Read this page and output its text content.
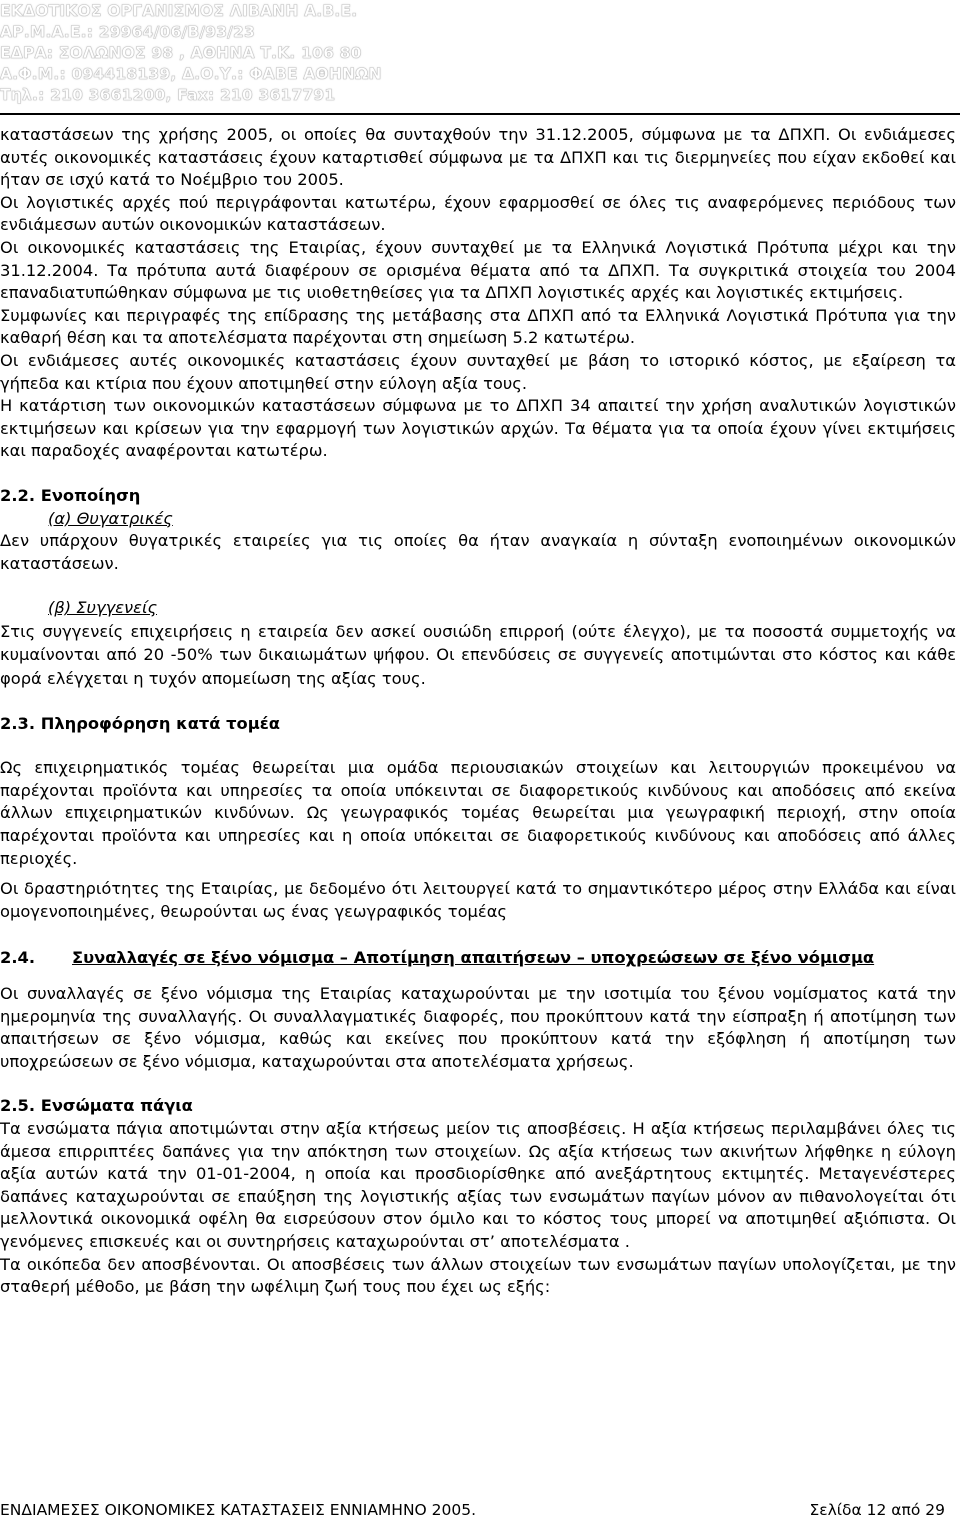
ΕΚΔΟΤΙΚΟΣ ΟΡΓΑΝΙΣΜΟΣ ΛΙΒΑΝΗ Α.Β.Ε.
ΑΡ.Μ.Α.Ε.: 29964/06/Β/93/23
ΕΔΡΑ: ΣΟΛΩΝΟΣ 98 , ΑΘΗΝΑ Τ.Κ. 106 80
Α.Φ.Μ.: 094418139, Δ.Ο.Υ.: ΦΑΒΕ ΑΘΗΝΩΝ
Τηλ.: 210 3661200, Fax: 210 3617791

καταστάσεων της χρήσης 2005, οι οποίες θα συνταχθούν την 31.12.2005, σύμφωνα με τα ΔΠΧΠ. Οι ενδιάμεσες αυτές οικονομικές καταστάσεις έχουν καταρτισθεί σύμφωνα με τα ΔΠΧΠ και τις διερμηνείες που είχαν εκδοθεί και ήταν σε ισχύ κατά το Νοέμβριο του 2005.

Οι λογιστικές αρχές πού περιγράφονται κατωτέρω, έχουν εφαρμοσθεί σε όλες τις αναφερόμενες περιόδους των ενδιάμεσων αυτών οικονομικών καταστάσεων.

Οι οικονομικές καταστάσεις της Εταιρίας, έχουν συνταχθεί με τα Ελληνικά Λογιστικά Πρότυπα μέχρι και την 31.12.2004. Τα πρότυπα αυτά διαφέρουν σε ορισμένα θέματα από τα ΔΠΧΠ. Τα συγκριτικά στοιχεία του 2004 επαναδιατυπώθηκαν σύμφωνα με τις υιοθετηθείσες για τα ΔΠΧΠ λογιστικές αρχές και λογιστικές εκτιμήσεις.

Συμφωνίες και περιγραφές της επίδρασης της μετάβασης στα ΔΠΧΠ από τα Ελληνικά Λογιστικά Πρότυπα για την καθαρή θέση και τα αποτελέσματα παρέχονται στη σημείωση 5.2 κατωτέρω.

Οι ενδιάμεσες αυτές οικονομικές καταστάσεις έχουν συνταχθεί με βάση το ιστορικό κόστος, με εξαίρεση τα γήπεδα και κτίρια που έχουν αποτιμηθεί στην εύλογη αξία τους.

Η κατάρτιση των οικονομικών καταστάσεων σύμφωνα με το ΔΠΧΠ 34 απαιτεί την χρήση αναλυτικών λογιστικών εκτιμήσεων και κρίσεων για την εφαρμογή των λογιστικών αρχών. Τα θέματα για τα οποία έχουν γίνει εκτιμήσεις και παραδοχές αναφέρονται κατωτέρω.

2.2. Ενοποίηση

(α) Θυγατρικές

Δεν υπάρχουν θυγατρικές εταιρείες για τις οποίες θα ήταν αναγκαία η σύνταξη ενοποιημένων οικονομικών καταστάσεων.

(β) Συγγενείς

Στις συγγενείς επιχειρήσεις η εταιρεία δεν ασκεί ουσιώδη επιρροή (ούτε έλεγχο), με τα ποσοστά συμμετοχής να κυμαίνονται από 20 -50% των δικαιωμάτων ψήφου. Οι επενδύσεις σε συγγενείς αποτιμώνται στο κόστος και κάθε φορά ελέγχεται η τυχόν απομείωση της αξίας τους.

2.3. Πληροφόρηση κατά τομέα

Ως επιχειρηματικός τομέας θεωρείται μια ομάδα περιουσιακών στοιχείων και λειτουργιών προκειμένου να παρέχονται προϊόντα και υπηρεσίες τα οποία υπόκεινται σε διαφορετικούς κινδύνους και αποδόσεις από εκείνα άλλων επιχειρηματικών κινδύνων. Ως γεωγραφικός τομέας θεωρείται μια γεωγραφική περιοχή, στην οποία παρέχονται προϊόντα και υπηρεσίες και η οποία υπόκειται σε διαφορετικούς κινδύνους και αποδόσεις από άλλες περιοχές.

Οι δραστηριότητες της Εταιρίας, με δεδομένο ότι λειτουργεί κατά το σημαντικότερο μέρος στην Ελλάδα και είναι ομογενοποιημένες, θεωρούνται ως ένας γεωγραφικός τομέας

2.4.	Συναλλαγές σε ξένο νόμισμα – Αποτίμηση απαιτήσεων – υποχρεώσεων σε ξένο νόμισμα

Οι συναλλαγές σε ξένο νόμισμα της Εταιρίας καταχωρούνται με την ισοτιμία του ξένου νομίσματος κατά την ημερομηνία της συναλλαγής. Οι συναλλαγματικές διαφορές, που προκύπτουν κατά την είσπραξη ή αποτίμηση των απαιτήσεων σε ξένο νόμισμα, καθώς και εκείνες που προκύπτουν κατά την εξόφληση ή αποτίμηση των υποχρεώσεων σε ξένο νόμισμα, καταχωρούνται στα αποτελέσματα χρήσεως.

2.5. Ενσώματα πάγια

Τα ενσώματα πάγια αποτιμώνται στην αξία κτήσεως μείον τις αποσβέσεις. Η αξία κτήσεως περιλαμβάνει όλες τις άμεσα επιρριπτέες δαπάνες για την απόκτηση των στοιχείων. Ως αξία κτήσεως των ακινήτων λήφθηκε η εύλογη αξία αυτών κατά την 01-01-2004, η οποία και προσδιορίσθηκε από ανεξάρτητους εκτιμητές. Μεταγενέστερες δαπάνες καταχωρούνται σε επαύξηση της λογιστικής αξίας των ενσωμάτων παγίων μόνον αν πιθανολογείται ότι μελλοντικά οικονομικά οφέλη θα εισρεύσουν στον όμιλο και το κόστος τους μπορεί να αποτιμηθεί αξιόπιστα. Οι γενόμενες επισκευές και οι συντηρήσεις καταχωρούνται στ’ αποτελέσματα .

Τα οικόπεδα δεν αποσβένονται. Οι αποσβέσεις των άλλων στοιχείων των ενσωμάτων παγίων υπολογίζεται, με την σταθερή μέθοδο, με βάση την ωφέλιμη ζωή τους που έχει ως εξής:

ΕΝΔΙΑΜΕΣΕΣ ΟΙΚΟΝΟΜΙΚΕΣ ΚΑΤΑΣΤΑΣΕΙΣ ΕΝΝΙΑΜΗΝΟ 2005.	Σελίδα 12 από 29
